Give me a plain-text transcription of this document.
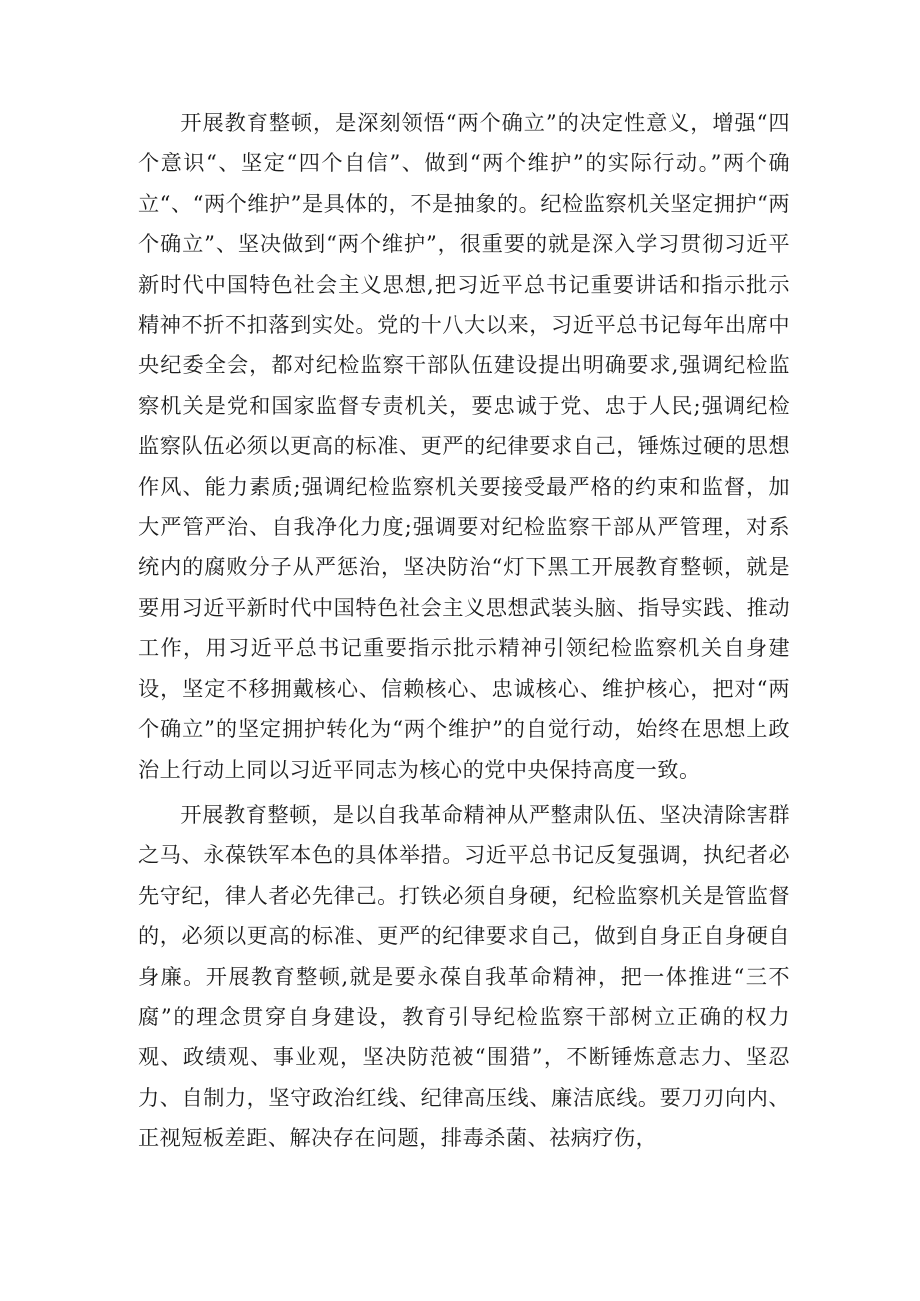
开展教育整顿，是深刻领悟“两个确立”的决定性意义，增强“四个意识“、坚定“四个自信”、做到“两个维护”的实际行动。”两个确立“、“两个维护”是具体的，不是抽象的。纪检监察机关坚定拥护“两个确立”、坚决做到“两个维护”，很重要的就是深入学习贯彻习近平新时代中国特色社会主义思想,把习近平总书记重要讲话和指示批示精神不折不扣落到实处。党的十八大以来，习近平总书记每年出席中央纪委全会，都对纪检监察干部队伍建设提出明确要求,强调纪检监察机关是党和国家监督专责机关，要忠诚于党、忠于人民;强调纪检监察队伍必须以更高的标准、更严的纪律要求自己，锤炼过硬的思想作风、能力素质;强调纪检监察机关要接受最严格的约束和监督，加大严管严治、自我净化力度;强调要对纪检监察干部从严管理，对系统内的腐败分子从严惩治，坚决防治“灯下黑工开展教育整顿，就是要用习近平新时代中国特色社会主义思想武装头脑、指导实践、推动工作，用习近平总书记重要指示批示精神引领纪检监察机关自身建设，坚定不移拥戴核心、信赖核心、忠诚核心、维护核心，把对“两个确立”的坚定拥护转化为“两个维护”的自觉行动，始终在思想上政治上行动上同以习近平同志为核心的党中央保持高度一致。

开展教育整顿，是以自我革命精神从严整肃队伍、坚决清除害群之马、永葆铁军本色的具体举措。习近平总书记反复强调，执纪者必先守纪，律人者必先律己。打铁必须自身硬，纪检监察机关是管监督的，必须以更高的标准、更严的纪律要求自己，做到自身正自身硬自身廉。开展教育整顿,就是要永葆自我革命精神，把一体推进“三不腐”的理念贯穿自身建设，教育引导纪检监察干部树立正确的权力观、政绩观、事业观，坚决防范被“围猎”，不断锤炼意志力、坚忍力、自制力，坚守政治红线、纪律高压线、廉洁底线。要刀刃向内、正视短板差距、解决存在问题，排毒杀菌、祛病疗伤，
